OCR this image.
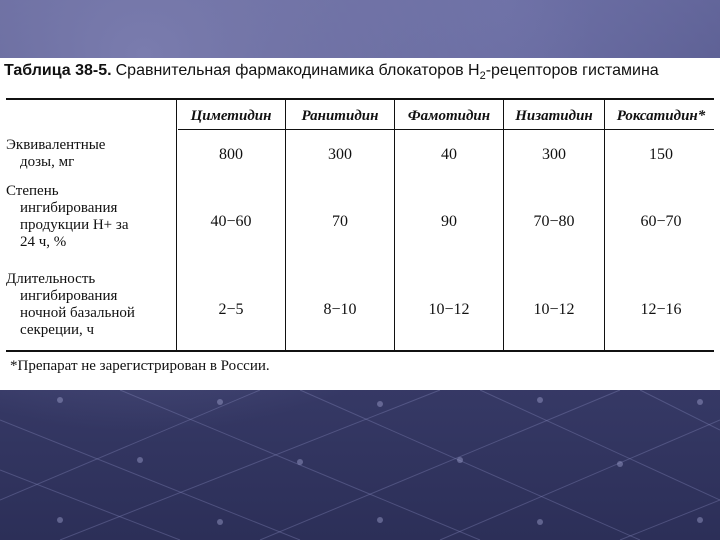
Таблица 38-5. Сравнительная фармакодинамика блокаторов $H_2$-рецепторов гистамина
Циметидин	Ранитидин	Фамотидин	Низатидин	Роксатидин*
Эквивалентные
дозы, мг	800	300	40	300	150
Степень
ингибирования
продукции H+ за
24 ч, %
40−60	70	90	70−80	60−70
Длительность
ингибирования
ночной базальной
секреции, ч
2−5	8−10	10−12	10−12	12−16
*Препарат не зарегистрирован в России.
